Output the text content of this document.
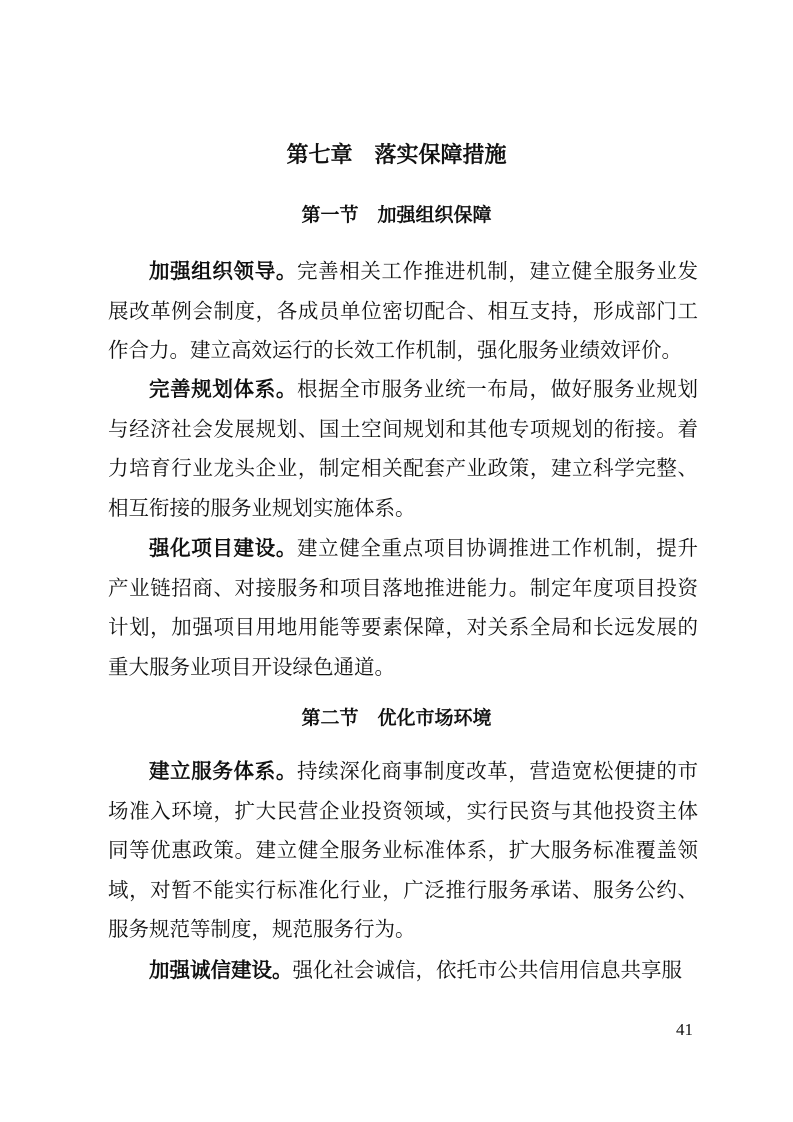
第七章　落实保障措施
第一节　加强组织保障

加强组织领导。完善相关工作推进机制，建立健全服务业发展改革例会制度，各成员单位密切配合、相互支持，形成部门工作合力。建立高效运行的长效工作机制，强化服务业绩效评价。

完善规划体系。根据全市服务业统一布局，做好服务业规划与经济社会发展规划、国土空间规划和其他专项规划的衔接。着力培育行业龙头企业，制定相关配套产业政策，建立科学完整、相互衔接的服务业规划实施体系。

强化项目建设。建立健全重点项目协调推进工作机制，提升产业链招商、对接服务和项目落地推进能力。制定年度项目投资计划，加强项目用地用能等要素保障，对关系全局和长远发展的重大服务业项目开设绿色通道。

第二节　优化市场环境

建立服务体系。持续深化商事制度改革，营造宽松便捷的市场准入环境，扩大民营企业投资领域，实行民资与其他投资主体同等优惠政策。建立健全服务业标准体系，扩大服务标准覆盖领域，对暂不能实行标准化行业，广泛推行服务承诺、服务公约、服务规范等制度，规范服务行为。

加强诚信建设。强化社会诚信，依托市公共信用信息共享服

41
